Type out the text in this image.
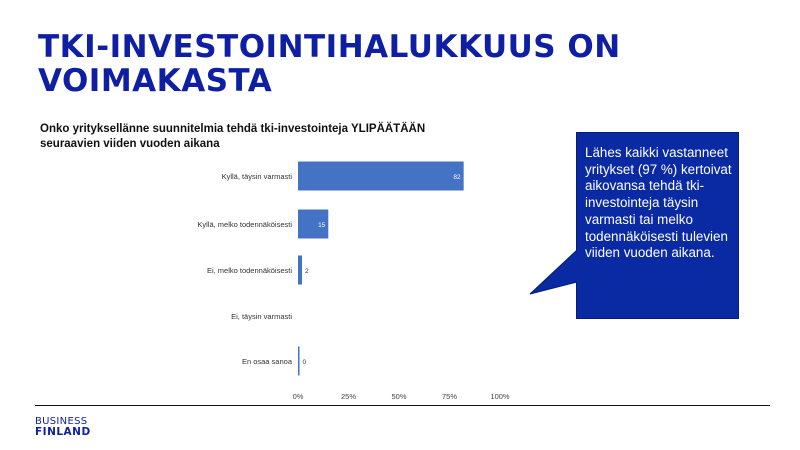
TKI-INVESTOINTIHALUKKUUS ON VOIMAKASTA
Onko yrityksellänne suunnitelmia tehdä tki-investointeja YLIPÄÄTÄÄN seuraavien viiden vuoden aikana
Kyllä, täysin varmasti
Kyllä, melko todennäköisesti
Ei, melko todennäköisesti
Ei, täysin varmasti
En osaa sanoa
82
15
2
0
0%	25%	50%	75%	100%
Lähes kaikki vastanneet yritykset (97 %) kertoivat aikovansa tehdä tki-investointeja täysin varmasti tai melko todennäköisesti tulevien viiden vuoden aikana.
BUSINESS
FINLAND
